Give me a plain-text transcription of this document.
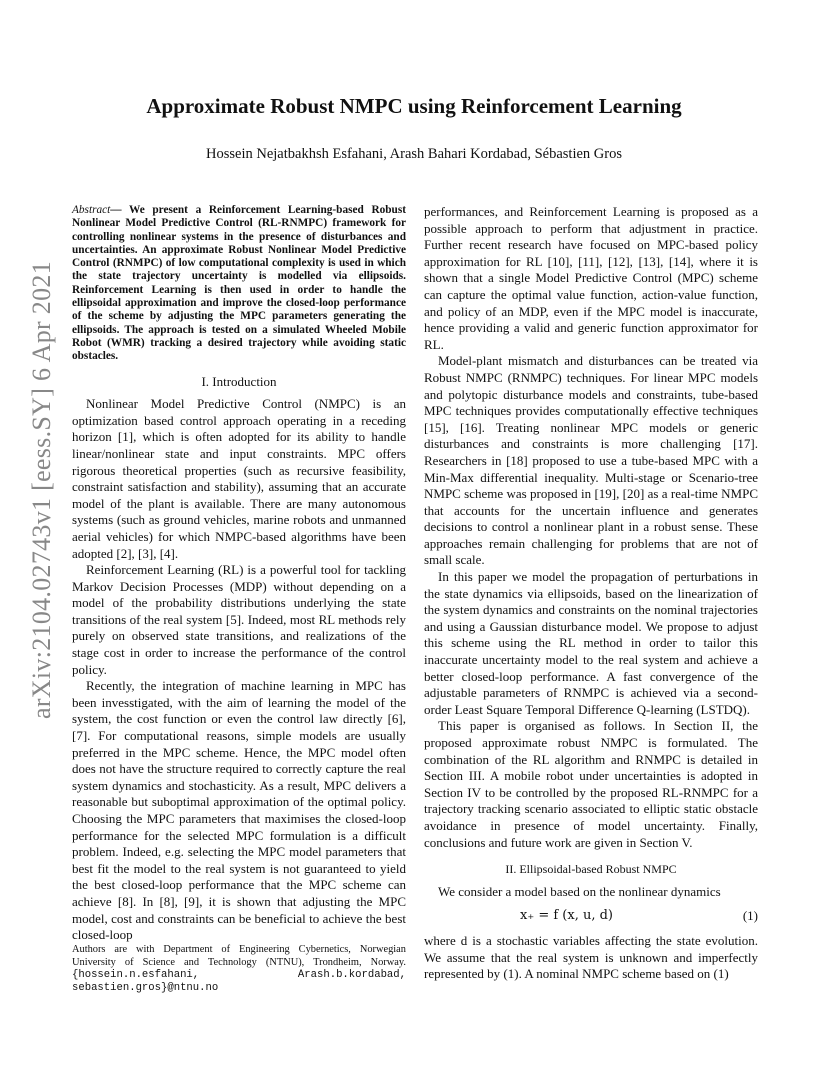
arXiv:2104.02743v1 [eess.SY] 6 Apr 2021
Approximate Robust NMPC using Reinforcement Learning
Hossein Nejatbakhsh Esfahani, Arash Bahari Kordabad, Sébastien Gros

Abstract— We present a Reinforcement Learning-based Robust Nonlinear Model Predictive Control (RL-RNMPC) framework for controlling nonlinear systems in the presence of disturbances and uncertainties. An approximate Robust Nonlinear Model Predictive Control (RNMPC) of low computational complexity is used in which the state trajectory uncertainty is modelled via ellipsoids. Reinforcement Learning is then used in order to handle the ellipsoidal approximation and improve the closed-loop performance of the scheme by adjusting the MPC parameters generating the ellipsoids. The approach is tested on a simulated Wheeled Mobile Robot (WMR) tracking a desired trajectory while avoiding static obstacles.

I. Introduction

Nonlinear Model Predictive Control (NMPC) is an optimization based control approach operating in a receding horizon [1], which is often adopted for its ability to handle linear/nonlinear state and input constraints. MPC offers rigorous theoretical properties (such as recursive feasibility, constraint satisfaction and stability), assuming that an accurate model of the plant is available. There are many autonomous systems (such as ground vehicles, marine robots and unmanned aerial vehicles) for which NMPC-based algorithms have been adopted [2], [3], [4].

Reinforcement Learning (RL) is a powerful tool for tackling Markov Decision Processes (MDP) without depending on a model of the probability distributions underlying the state transitions of the real system [5]. Indeed, most RL methods rely purely on observed state transitions, and realizations of the stage cost in order to increase the performance of the control policy.

Recently, the integration of machine learning in MPC has been invesstigated, with the aim of learning the model of the system, the cost function or even the control law directly [6], [7]. For computational reasons, simple models are usually preferred in the MPC scheme. Hence, the MPC model often does not have the structure required to correctly capture the real system dynamics and stochasticity. As a result, MPC delivers a reasonable but suboptimal approximation of the optimal policy. Choosing the MPC parameters that maximises the closed-loop performance for the selected MPC formulation is a difficult problem. Indeed, e.g. selecting the MPC model parameters that best fit the model to the real system is not guaranteed to yield the best closed-loop performance that the MPC scheme can achieve [8]. In [8], [9], it is shown that adjusting the MPC model, cost and constraints can be beneficial to achieve the best closed-loop

Authors are with Department of Engineering Cybernetics, Norwegian University of Science and Technology (NTNU), Trondheim, Norway. {hossein.n.esfahani, Arash.b.kordabad, sebastien.gros}@ntnu.no

performances, and Reinforcement Learning is proposed as a possible approach to perform that adjustment in practice. Further recent research have focused on MPC-based policy approximation for RL [10], [11], [12], [13], [14], where it is shown that a single Model Predictive Control (MPC) scheme can capture the optimal value function, action-value function, and policy of an MDP, even if the MPC model is inaccurate, hence providing a valid and generic function approximator for RL.

Model-plant mismatch and disturbances can be treated via Robust NMPC (RNMPC) techniques. For linear MPC models and polytopic disturbance models and constraints, tube-based MPC techniques provides computationally effective techniques [15], [16]. Treating nonlinear MPC models or generic disturbances and constraints is more challenging [17]. Researchers in [18] proposed to use a tube-based MPC with a Min-Max differential inequality. Multi-stage or Scenario-tree NMPC scheme was proposed in [19], [20] as a real-time NMPC that accounts for the uncertain influence and generates decisions to control a nonlinear plant in a robust sense. These approaches remain challenging for problems that are not of small scale.

In this paper we model the propagation of perturbations in the state dynamics via ellipsoids, based on the linearization of the system dynamics and constraints on the nominal trajectories and using a Gaussian disturbance model. We propose to adjust this scheme using the RL method in order to tailor this inaccurate uncertainty model to the real system and achieve a better closed-loop performance. A fast convergence of the adjustable parameters of RNMPC is achieved via a second-order Least Square Temporal Difference Q-learning (LSTDQ).

This paper is organised as follows. In Section II, the proposed approximate robust NMPC is formulated. The combination of the RL algorithm and RNMPC is detailed in Section III. A mobile robot under uncertainties is adopted in Section IV to be controlled by the proposed RL-RNMPC for a trajectory tracking scenario associated to elliptic static obstacle avoidance in presence of model uncertainty. Finally, conclusions and future work are given in Section V.

II. Ellipsoidal-based Robust NMPC

We consider a model based on the nonlinear dynamics

x₊ = f (x, u, d)	(1)

where d is a stochastic variables affecting the state evolution. We assume that the real system is unknown and imperfectly represented by (1). A nominal NMPC scheme based on (1)
